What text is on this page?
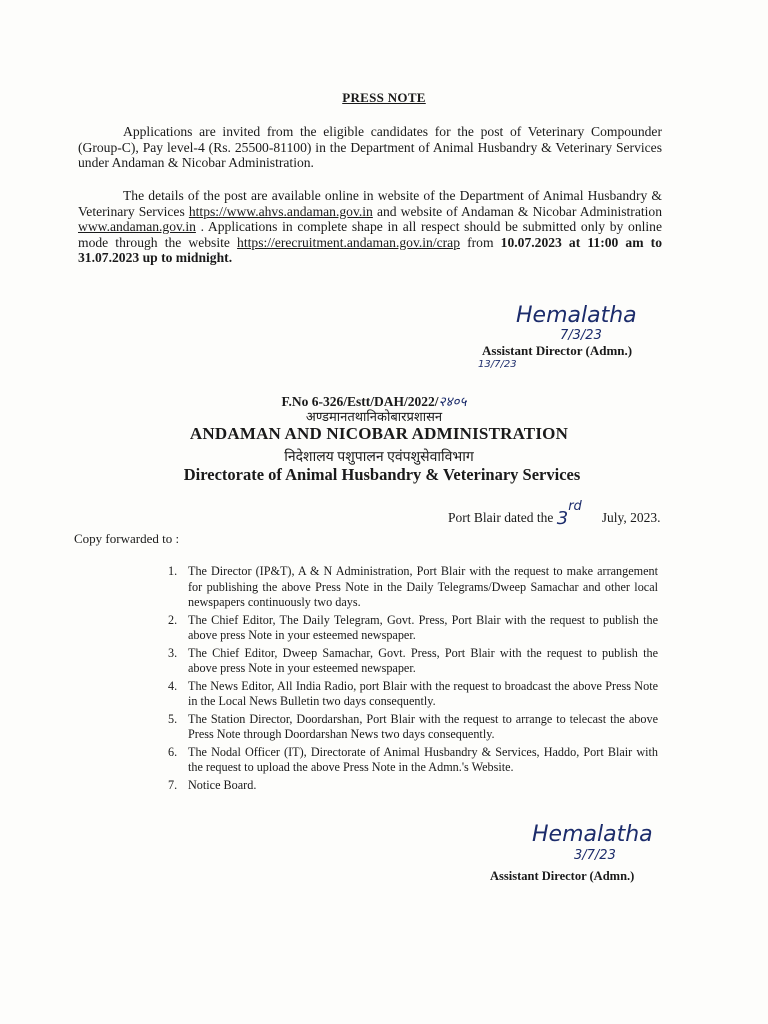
PRESS NOTE
Applications are invited from the eligible candidates for the post of Veterinary Compounder (Group-C), Pay level-4 (Rs. 25500-81100) in the Department of Animal Husbandry & Veterinary Services under Andaman & Nicobar Administration.
The details of the post are available online in website of the Department of Animal Husbandry & Veterinary Services https://www.ahvs.andaman.gov.in and website of Andaman & Nicobar Administration www.andaman.gov.in . Applications in complete shape in all respect should be submitted only by online mode through the website https://erecruitment.andaman.gov.in/crap from 10.07.2023 at 11:00 am to 31.07.2023 up to midnight.
Hemalatha
7/3/23
Assistant Director (Admn.)
13/7/23
F.No 6-326/Estt/DAH/2022/२४०५
अण्डमानतथानिकोबारप्रशासन
ANDAMAN AND NICOBAR ADMINISTRATION
निदेशालय पशुपालन एवंपशुसेवाविभाग
Directorate of Animal Husbandry & Veterinary Services
Port Blair dated the 3rdJuly, 2023.
Copy forwarded to :
1. The Director (IP&T), A & N Administration, Port Blair with the request to make arrangement for publishing the above Press Note in the Daily Telegrams/Dweep Samachar and other local newspapers continuously two days.
2. The Chief Editor, The Daily Telegram, Govt. Press, Port Blair with the request to publish the above press Note in your esteemed newspaper.
3. The Chief Editor, Dweep Samachar, Govt. Press, Port Blair with the request to publish the above press Note in your esteemed newspaper.
4. The News Editor, All India Radio, port Blair with the request to broadcast the above Press Note in the Local News Bulletin two days consequently.
5. The Station Director, Doordarshan, Port Blair with the request to arrange to telecast the above Press Note through Doordarshan News two days consequently.
6. The Nodal Officer (IT), Directorate of Animal Husbandry & Services, Haddo, Port Blair with the request to upload the above Press Note in the Admn.'s Website.
7. Notice Board.
Hemalatha
3/7/23
Assistant Director (Admn.)
